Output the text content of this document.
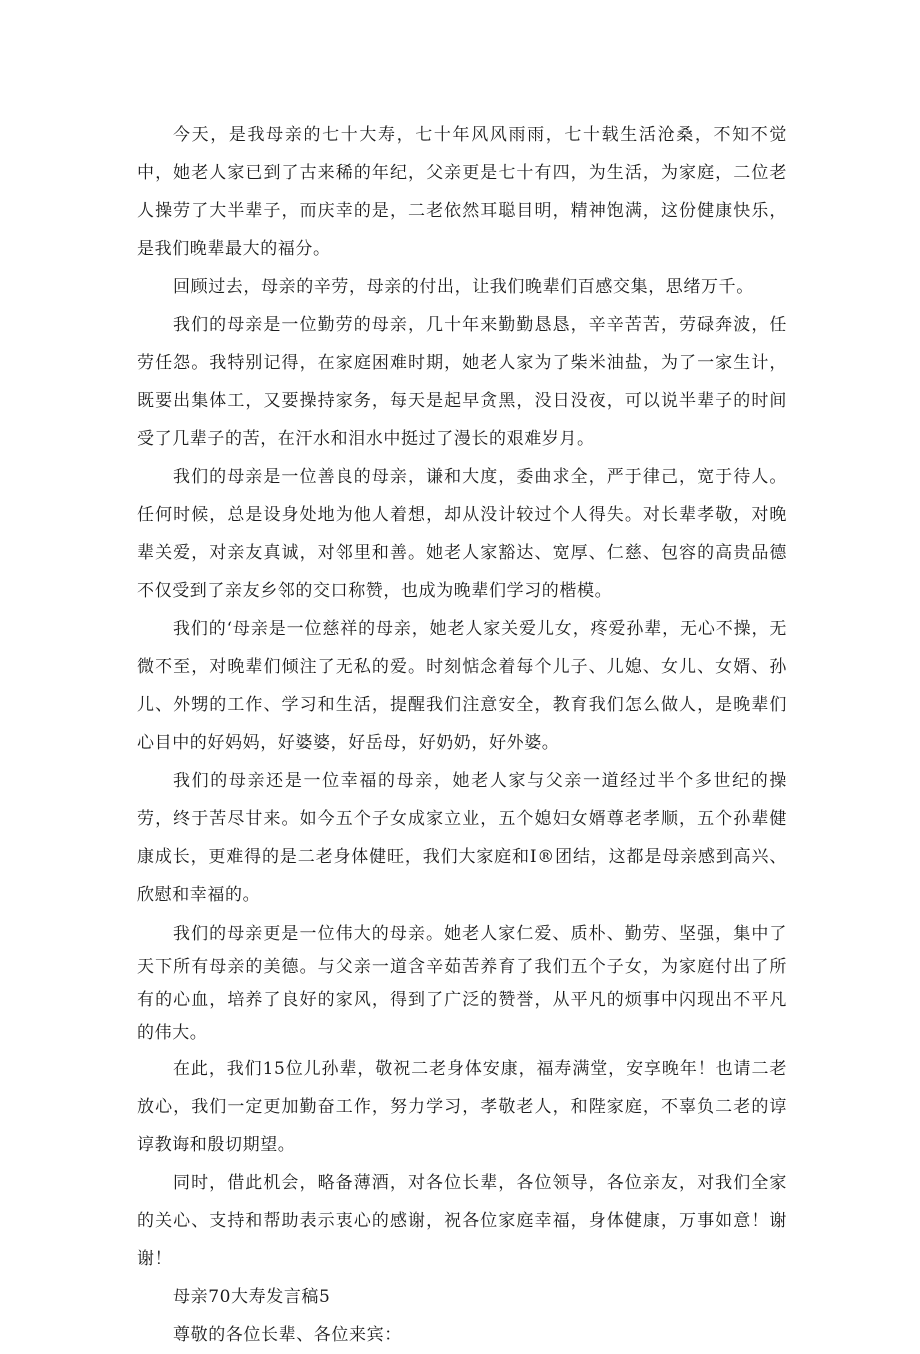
今天，是我母亲的七十大寿，七十年风风雨雨，七十载生活沧桑，不知不觉中，她老人家已到了古来稀的年纪，父亲更是七十有四，为生活，为家庭，二位老人操劳了大半辈子，而庆幸的是，二老依然耳聪目明，精神饱满，这份健康快乐，是我们晚辈最大的福分。

回顾过去，母亲的辛劳，母亲的付出，让我们晚辈们百感交集，思绪万千。

我们的母亲是一位勤劳的母亲，几十年来勤勤恳恳，辛辛苦苦，劳碌奔波，任劳任怨。我特别记得，在家庭困难时期，她老人家为了柴米油盐，为了一家生计，既要出集体工，又要操持家务，每天是起早贪黑，没日没夜，可以说半辈子的时间受了几辈子的苦，在汗水和泪水中挺过了漫长的艰难岁月。

我们的母亲是一位善良的母亲，谦和大度，委曲求全，严于律己，宽于待人。任何时候，总是设身处地为他人着想，却从没计较过个人得失。对长辈孝敬，对晚辈关爱，对亲友真诚，对邻里和善。她老人家豁达、宽厚、仁慈、包容的高贵品德不仅受到了亲友乡邻的交口称赞，也成为晚辈们学习的楷模。

我们的‘母亲是一位慈祥的母亲，她老人家关爱儿女，疼爱孙辈，无心不操，无微不至，对晚辈们倾注了无私的爱。时刻惦念着每个儿子、儿媳、女儿、女婿、孙儿、外甥的工作、学习和生活，提醒我们注意安全，教育我们怎么做人，是晚辈们心目中的好妈妈，好婆婆，好岳母，好奶奶，好外婆。

我们的母亲还是一位幸福的母亲，她老人家与父亲一道经过半个多世纪的操劳，终于苦尽甘来。如今五个子女成家立业，五个媳妇女婿尊老孝顺，五个孙辈健康成长，更难得的是二老身体健旺，我们大家庭和I®团结，这都是母亲感到高兴、欣慰和幸福的。

我们的母亲更是一位伟大的母亲。她老人家仁爱、质朴、勤劳、坚强，集中了天下所有母亲的美德。与父亲一道含辛茹苦养育了我们五个子女，为家庭付出了所有的心血，培养了良好的家风，得到了广泛的赞誉，从平凡的烦事中闪现出不平凡的伟大。

在此，我们15位儿孙辈，敬祝二老身体安康，福寿满堂，安享晚年！也请二老放心，我们一定更加勤奋工作，努力学习，孝敬老人，和陛家庭，不辜负二老的谆谆教诲和殷切期望。

同时，借此机会，略备薄酒，对各位长辈，各位领导，各位亲友，对我们全家的关心、支持和帮助表示衷心的感谢，祝各位家庭幸福，身体健康，万事如意！谢谢！

母亲70大寿发言稿5

尊敬的各位长辈、各位来宾：
